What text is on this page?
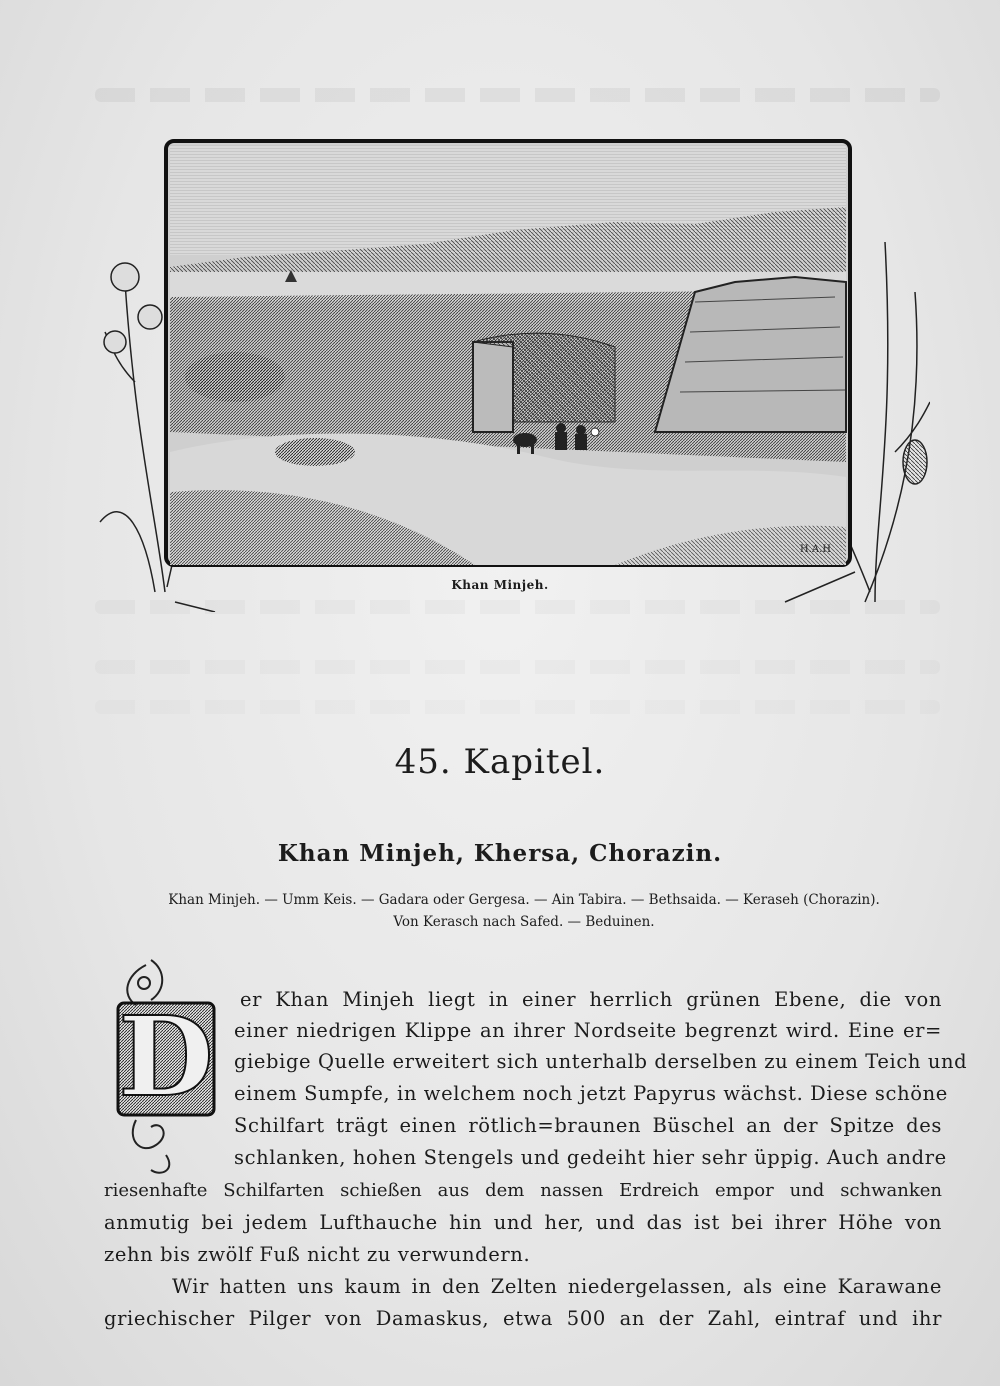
H.A.H
Khan Minjeh.
45. Kapitel.
Khan Minjeh, Khersa, Chorazin.
Khan Minjeh. — Umm Keis. — Gadara oder Gergesa. — Ain Tabira. — Bethsaida. — Keraseh (Chorazin).
Von Kerasch nach Safed. — Beduinen.
D er Khan Minjeh liegt in einer herrlich grünen Ebene, die von
einer niedrigen Klippe an ihrer Nordseite begrenzt wird. Eine er=
giebige Quelle erweitert sich unterhalb derselben zu einem Teich und
einem Sumpfe, in welchem noch jetzt Papyrus wächst. Diese schöne
Schilfart trägt einen rötlich=braunen Büschel an der Spitze des
schlanken, hohen Stengels und gedeiht hier sehr üppig. Auch andre
riesenhafte Schilfarten schießen aus dem nassen Erdreich empor und schwanken
anmutig bei jedem Lufthauche hin und her, und das ist bei ihrer Höhe von
zehn bis zwölf Fuß nicht zu verwundern.
Wir hatten uns kaum in den Zelten niedergelassen, als eine Karawane
griechischer Pilger von Damaskus, etwa 500 an der Zahl, eintraf und ihr
